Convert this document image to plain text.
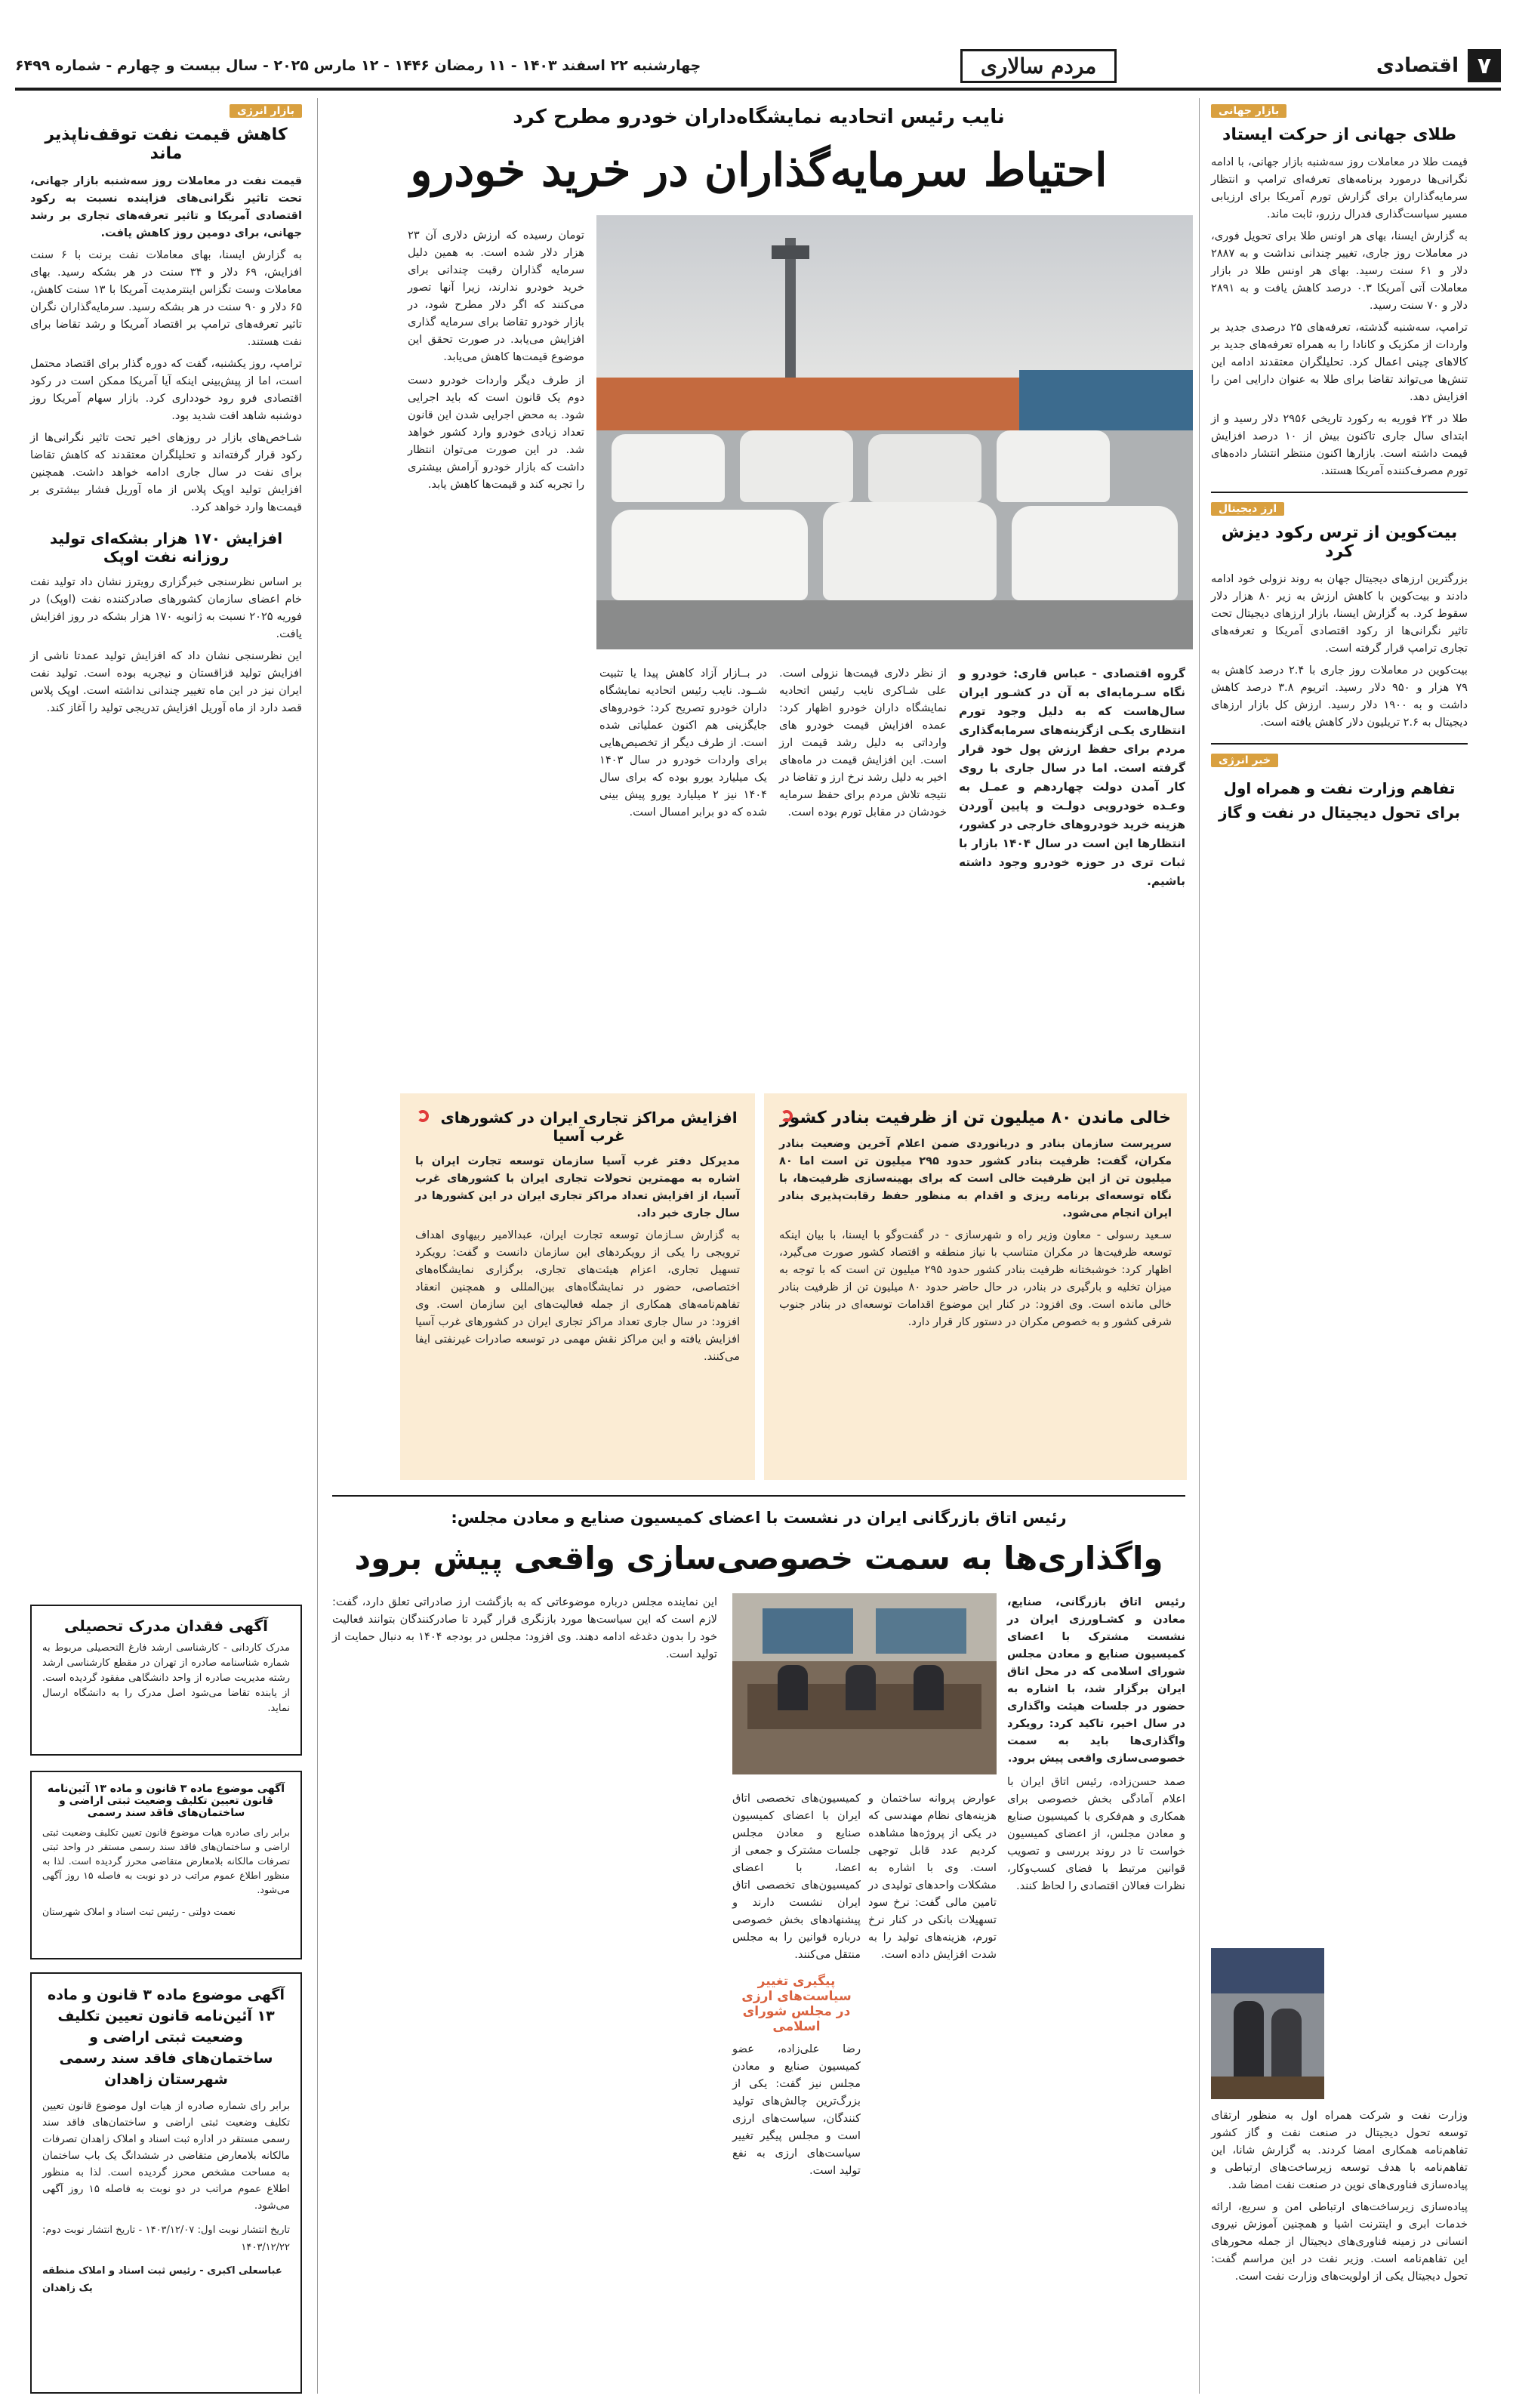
۷
اقتصادی
مردم سالاری
چهارشنبه ۲۲ اسفند ۱۴۰۳ - ۱۱ رمضان ۱۴۴۶ - ۱۲ مارس ۲۰۲۵ - سال بیست و چهارم - شماره ۶۴۹۹
بازار جهانی
طلای جهانی از حرکت ایستاد

قیمت طلا در معاملات روز سه‌شنبه بازار جهانی، با ادامه نگرانی‌ها درمورد برنامه‌های تعرفه‌ای ترامپ و انتظار سرمایه‌گذاران برای گزارش تورم آمریکا برای ارزیابی مسیر سیاست‌گذاری فدرال رزرو، ثابت ماند.

به گزارش ایسنا، بهای هر اونس طلا برای تحویل فوری، در معاملات روز جاری، تغییر چندانی نداشت و به ۲۸۸۷ دلار و ۶۱ سنت رسید. بهای هر اونس طلا در بازار معاملات آتی آمریکا ۰.۳ درصد کاهش یافت و به ۲۸۹۱ دلار و ۷۰ سنت رسید.

ترامپ، سه‌شنبه گذشته، تعرفه‌های ۲۵ درصدی جدید بر واردات از مکزیک و کانادا را به همراه تعرفه‌های جدید بر کالاهای چینی اعمال کرد. تحلیلگران معتقدند ادامه این تنش‌ها می‌تواند تقاضا برای طلا به عنوان دارایی امن را افزایش دهد.

طلا در ۲۴ فوریه به رکورد تاریخی ۲۹۵۶ دلار رسید و از ابتدای سال جاری تاکنون بیش از ۱۰ درصد افزایش قیمت داشته است. بازارها اکنون منتظر انتشار داده‌های تورم مصرف‌کننده آمریکا هستند.

ارز دیجیتال
بیت‌کوین از ترس رکود دیزش کرد

بزرگترین ارزهای دیجیتال جهان به روند نزولی خود ادامه دادند و بیت‌کوین با کاهش ارزش به زیر ۸۰ هزار دلار سقوط کرد. به گزارش ایسنا، بازار ارزهای دیجیتال تحت تاثیر نگرانی‌ها از رکود اقتصادی آمریکا و تعرفه‌های تجاری ترامپ قرار گرفته است.

بیت‌کوین در معاملات روز جاری با ۲.۴ درصد کاهش به ۷۹ هزار و ۹۵۰ دلار رسید. اتریوم ۳.۸ درصد کاهش داشت و به ۱۹۰۰ دلار رسید. ارزش کل بازار ارزهای دیجیتال به ۲.۶ تریلیون دلار کاهش یافته است.

خبر انرژی
تفاهم وزارت نفت و همراه اول برای تحول دیجیتال در نفت و گاز

وزارت نفت و شرکت همراه اول به منظور ارتقای توسعه تحول دیجیتال در صنعت نفت و گاز کشور تفاهم‌نامه همکاری امضا کردند. به گزارش شانا، این تفاهم‌نامه با هدف توسعه زیرساخت‌های ارتباطی و پیاده‌سازی فناوری‌های نوین در صنعت نفت امضا شد.

پیاده‌سازی زیرساخت‌های ارتباطی امن و سریع، ارائه خدمات ابری و اینترنت اشیا و همچنین آموزش نیروی انسانی در زمینه فناوری‌های دیجیتال از جمله محورهای این تفاهم‌نامه است. وزیر نفت در این مراسم گفت: تحول دیجیتال یکی از اولویت‌های وزارت نفت است.

نایب رئیس اتحادیه نمایشگاه‌داران خودرو مطرح کرد
احتیاط سرمایه‌گذاران در خرید خودرو

گروه اقتصادی - عباس قاری: خودرو و نگاه سـرمایه‌ای به آن در کشـور ایران سال‌هاست که به دلیل وجود تورم انتظاری یکـی ازگزینه‌های سرمایه‌گذاری مردم برای حفظ ارزش پول خود قرار گرفته است. اما در سال جاری با روی کار آمدن دولت چهاردهم و عمـل به وعـده خودرویی دولـت و پایین آوردن هزینه خرید خودروهای خارجی در کشور، انتظارها این است در سال ۱۴۰۴ بازار با ثبات تری در حوزه خودرو وجود داشته باشیم.

از نظر دلاری قیمت‌ها نزولی است. علی شـاکری نایب رئیس اتحادیه نمایشگاه داران خودرو اظهار کرد: عمده افزایش قیمت خودرو های وارداتی به دلیل رشد قیمت ارز است. این افزایش قیمت در ماه‌های اخیر به دلیل رشد نرخ ارز و تقاضا در نتیجه تلاش مردم برای حفظ سرمایه خودشان در مقابل تورم بوده است.

در بــازار آزاد کاهش پیدا یا تثبیت شــود. نایب رئیس اتحادیه نمایشگاه داران خودرو تصریح کرد: خودروهای جایگزینی هم اکنون عملیاتی شده است. از طرف دیگر از تخصیص‌هایی برای واردات خودرو در سال ۱۴۰۳ یک میلیارد یورو بوده که برای سال ۱۴۰۴ نیز ۲ میلیارد یورو پیش بینی شده که دو برابر امسال است.

تومان رسیده که ارزش دلاری آن ۲۳ هزار دلار شده است. به همین دلیل سرمایه گذاران رقبت چندانی برای خرید خودرو ندارند، زیرا آنها تصور می‌کنند که اگر دلار مطرح شود، در بازار خودرو تقاضا برای سرمایه گذاری افزایش می‌یابد. در صورت تحقق این موضوع قیمت‌ها کاهش می‌یابد.

از طرف دیگر واردات خودرو دست دوم یک قانون است که باید اجرایی شود. به محض اجرایی شدن این قانون تعداد زیادی خودرو وارد کشور خواهد شد. در این صورت می‌توان انتظار داشت که بازار خودرو آرامش بیشتری را تجربه کند و قیمت‌ها کاهش یابد.

خالی ماندن ۸۰ میلیون تن از ظرفیت بنادر کشور

سرپرست سازمان بنادر و دریانوردی ضمن اعلام آخرین وضعیت بنادر مکران، گفت: ظرفیت بنادر کشور حدود ۲۹۵ میلیون تن است اما ۸۰ میلیون تن از این ظرفیت خالی است که برای بهینه‌سازی ظرفیت‌ها، با نگاه توسعه‌ای برنامه ریزی و اقدام به منظور حفظ رقابت‌پذیری بنادر ایران انجام می‌شود.

سـعید رسولی - معاون وزیر راه و شهرسازی - در گفت‌وگو با ایسنا، با بیان اینکه توسعه ظرفیت‌ها در مکران متناسب با نیاز منطقه و اقتصاد کشور صورت می‌گیرد، اظهار کرد: خوشبختانه ظرفیت بنادر کشور حدود ۲۹۵ میلیون تن است که با توجه به میزان تخلیه و بارگیری در بنادر، در حال حاضر حدود ۸۰ میلیون تن از ظرفیت بنادر خالی مانده است. وی افزود: در کنار این موضوع اقدامات توسعه‌ای در بنادر جنوب شرقی کشور و به خصوص مکران در دستور کار قرار دارد.

افزایش مراکز تجاری ایران در کشورهای غرب آسیا

مدیرکل دفتر غرب آسیا سازمان توسعه تجارت ایران با اشاره به مهمترین تحولات تجاری ایران با کشورهای غرب آسیا، از افزایش تعداد مراکز تجاری ایران در این کشورها در سال جاری خبر داد.

به گزارش سـازمان توسعه تجارت ایران، عبدالامیر ربیهاوی اهداف ترویجی را یکی از رویکردهای این سازمان دانست و گفت: رویکرد تسهیل تجاری، اعزام هیئت‌های تجاری، برگزاری نمایشگاه‌های اختصاصی، حضور در نمایشگاه‌های بین‌المللی و همچنین انعقاد تفاهم‌نامه‌های همکاری از جمله فعالیت‌های این سازمان است. وی افزود: در سال جاری تعداد مراکز تجاری ایران در کشورهای غرب آسیا افزایش یافته و این مراکز نقش مهمی در توسعه صادرات غیرنفتی ایفا می‌کنند.

رئیس اتاق بازرگانی ایران در نشست با اعضای کمیسیون صنایع و معادن مجلس:
واگذاری‌ها به سمت خصوصی‌سازی واقعی پیش برود

رئیس اتاق بازرگانی، صنایع، معادن و کشـاورزی ایران در نشست مشترک با اعضای کمیسیون صنایع و معادن مجلس شورای اسلامی که در محل اتاق ایران برگزار شد، با اشاره به حضور در جلسات هیئت واگذاری در سال اخیر، تاکید کرد: رویکرد واگذاری‌ها باید به سمت خصوصی‌سازی واقعی پیش برود.

صمد حسن‌زاده، رئیس اتاق ایران با اعلام آمادگی بخش خصوصی برای همکاری و هم‌فکری با کمیسیون صنایع و معادن مجلس، از اعضای کمیسیون خواست تا در روند بررسی و تصویب قوانین مرتبط با فضای کسب‌وکار، نظرات فعالان اقتصادی را لحاظ کنند.

عوارض پروانه ساختمان و هزینه‌های نظام مهندسی که در یکی از پروژه‌ها مشاهده کردیم عدد قابل توجهی است. وی با اشاره به مشکلات واحدهای تولیدی در تامین مالی گفت: نرخ سود تسهیلات بانکی در کنار نرخ تورم، هزینه‌های تولید را به شدت افزایش داده است.

کمیسیون‌های تخصصی اتاق ایران با اعضای کمیسیون صنایع و معادن مجلس جلسات مشترک و جمعی از اعضا، با اعضای کمیسیون‌های تخصصی اتاق ایران نشست دارند و پیشنهادهای بخش خصوصی درباره قوانین را به مجلس منتقل می‌کنند.

پیگیری تغییر سیاست‌های ارزی
در مجلس شورای اسلامی

رضا علی‌زاده، عضو کمیسیون صنایع و معادن مجلس نیز گفت: یکی از بزرگ‌ترین چالش‌های تولید کنندگان، سیاست‌های ارزی است و مجلس پیگیر تغییر سیاست‌های ارزی به نفع تولید است.

این نماینده مجلس درباره موضوعاتی که به بازگشت ارز صادراتی تعلق دارد، گفت: لازم است که این سیاست‌ها مورد بازنگری قرار گیرد تا صادرکنندگان بتوانند فعالیت خود را بدون دغدغه ادامه دهند. وی افزود: مجلس در بودجه ۱۴۰۴ به دنبال حمایت از تولید است.

بازار انرژی
کاهش قیمت نفت توقف‌ناپذیر ماند

قیمت نفت در معاملات روز سه‌شنبه بازار جهانی، تحت تاثیر نگرانی‌های فزاینده نسبت به رکود اقتصادی آمریکا و تاثیر تعرفه‌های تجاری بر رشد جهانی، برای دومین روز کاهش یافت.

به گزارش ایسنا، بهای معاملات نفت برنت با ۶ سنت افزایش، ۶۹ دلار و ۳۴ سنت در هر بشکه رسید. بهای معاملات وست تگزاس اینترمدیت آمریکا با ۱۳ سنت کاهش، ۶۵ دلار و ۹۰ سنت در هر بشکه رسید. سرمایه‌گذاران نگران تاثیر تعرفه‌های ترامپ بر اقتصاد آمریکا و رشد تقاضا برای نفت هستند.

ترامپ، روز یکشنبه، گفت که دوره گذار برای اقتصاد محتمل است، اما از پیش‌بینی اینکه آیا آمریکا ممکن است در رکود اقتصادی فرو رود خودداری کرد. بازار سهام آمریکا روز دوشنبه شاهد افت شدید بود.

شـاخص‌های بازار در روزهای اخیر تحت تاثیر نگرانی‌ها از رکود قرار گرفته‌اند و تحلیلگران معتقدند که کاهش تقاضا برای نفت در سال جاری ادامه خواهد داشت. همچنین افزایش تولید اوپک پلاس از ماه آوریل فشار بیشتری بر قیمت‌ها وارد خواهد کرد.

افزایش ۱۷۰ هزار بشکه‌ای تولید روزانه نفت اوپک

بر اساس نظرسنجی خبرگزاری رویترز نشان داد تولید نفت خام اعضای سازمان کشورهای صادرکننده نفت (اوپک) در فوریه ۲۰۲۵ نسبت به ژانویه ۱۷۰ هزار بشکه در روز افزایش یافت.

این نظرسنجی نشان داد که افزایش تولید عمدتا ناشی از افزایش تولید قزاقستان و نیجریه بوده است. تولید نفت ایران نیز در این ماه تغییر چندانی نداشته است. اوپک پلاس قصد دارد از ماه آوریل افزایش تدریجی تولید را آغاز کند.

آگهی فقدان مدرک تحصیلی

مدرک کاردانی - کارشناسی ارشد فارغ التحصیلی مربوط به شماره شناسنامه صادره از تهران در مقطع کارشناسی ارشد رشته مدیریت صادره از واحد دانشگاهی مفقود گردیده است. از یابنده تقاضا می‌شود اصل مدرک را به دانشگاه ارسال نماید.

آگهی موضوع ماده ۳ قانون و ماده ۱۳ آئین‌نامه قانون تعیین تکلیف وضعیت ثبتی اراضی و ساختمان‌های فاقد سند رسمی

برابر رای صادره هیات موضوع قانون تعیین تکلیف وضعیت ثبتی اراضی و ساختمان‌های فاقد سند رسمی مستقر در واحد ثبتی تصرفات مالکانه بلامعارض متقاضی محرز گردیده است. لذا به منظور اطلاع عموم مراتب در دو نوبت به فاصله ۱۵ روز آگهی می‌شود.

نعمت دولتی - رئیس ثبت اسناد و املاک شهرستان

آگهی موضوع ماده ۳ قانون و ماده ۱۳ آئین‌نامه قانون تعیین تکلیف وضعیت ثبتی اراضی و ساختمان‌های فاقد سند رسمی شهرستان زاهدان

برابر رای شماره صادره از هیات اول موضوع قانون تعیین تکلیف وضعیت ثبتی اراضی و ساختمان‌های فاقد سند رسمی مستقر در اداره ثبت اسناد و املاک زاهدان تصرفات مالکانه بلامعارض متقاضی در ششدانگ یک باب ساختمان به مساحت مشخص محرز گردیده است. لذا به منظور اطلاع عموم مراتب در دو نوبت به فاصله ۱۵ روز آگهی می‌شود.

تاریخ انتشار نوبت اول: ۱۴۰۳/۱۲/۰۷ - تاریخ انتشار نوبت دوم: ۱۴۰۳/۱۲/۲۲

عباسعلی اکبری - رئیس ثبت اسناد و املاک منطقه یک زاهدان
